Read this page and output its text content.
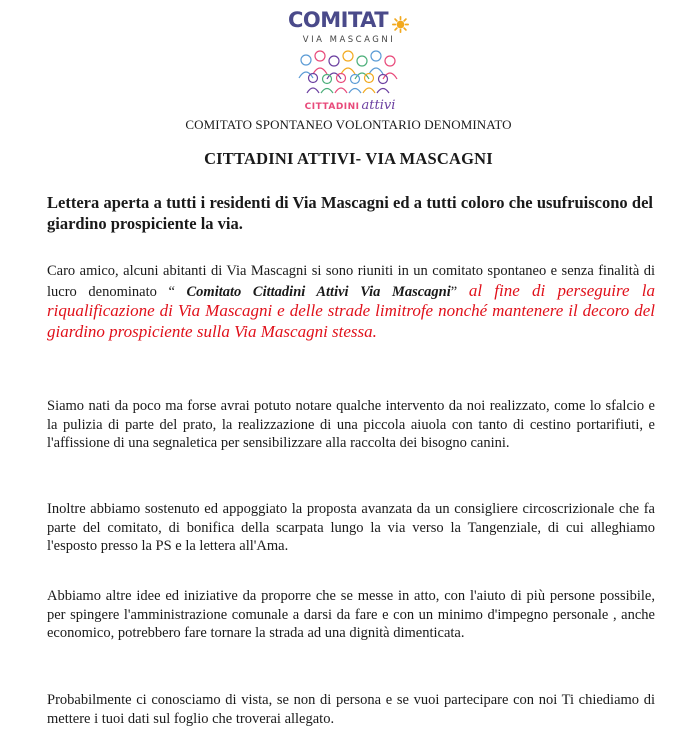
COMITAT
VIA MASCAGNI
CITTADINI attivi
COMITATO SPONTANEO VOLONTARIO DENOMINATO
CITTADINI ATTIVI- VIA MASCAGNI
Lettera aperta a tutti i residenti di Via Mascagni ed a tutti coloro che usufruiscono del giardino prospiciente la via.
Caro amico, alcuni abitanti di Via Mascagni si sono riuniti in un comitato spontaneo e senza finalità di lucro denominato “ Comitato Cittadini Attivi Via Mascagni” al fine di perseguire la riqualificazione di Via Mascagni e delle strade limitrofe nonché mantenere il decoro del giardino prospiciente sulla Via Mascagni stessa.
Siamo nati da poco ma forse avrai potuto notare qualche intervento da noi realizzato, come lo sfalcio e la pulizia di parte del prato, la realizzazione di una piccola aiuola con tanto di cestino portarifiuti, e l'affissione di una segnaletica per sensibilizzare alla raccolta dei bisogno canini.
Inoltre abbiamo sostenuto ed appoggiato la proposta avanzata da un consigliere circoscrizionale che fa parte del comitato, di bonifica della scarpata lungo la via verso la Tangenziale, di cui alleghiamo l'esposto presso la PS e la lettera all'Ama.
Abbiamo altre idee ed iniziative da proporre che se messe in atto, con l'aiuto di più persone possibile, per spingere l'amministrazione comunale a darsi da fare e con un minimo d'impegno personale , anche economico, potrebbero fare tornare la strada ad una dignità dimenticata.
Probabilmente ci conosciamo di vista, se non di persona e se vuoi partecipare con noi Ti chiediamo di mettere i tuoi dati sul foglio che troverai allegato.
